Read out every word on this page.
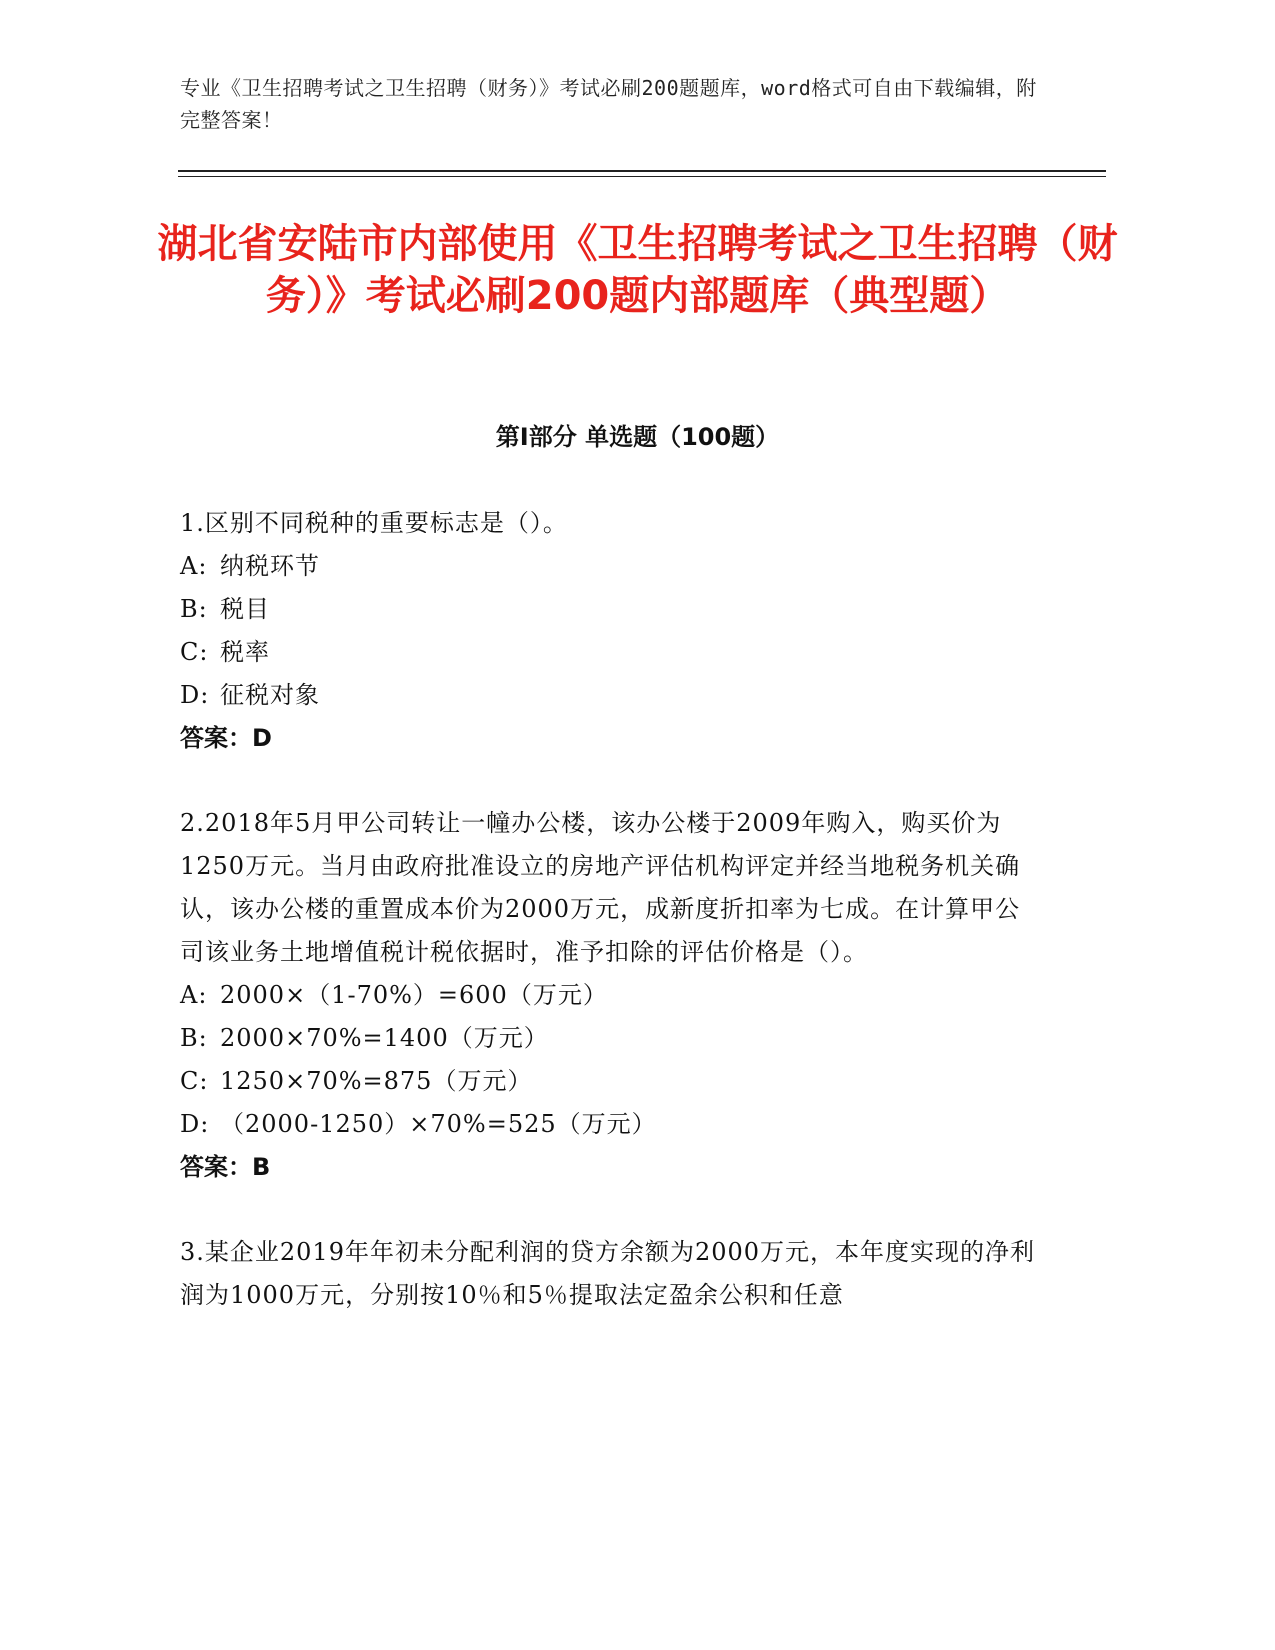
专业《卫生招聘考试之卫生招聘（财务）》考试必刷200题题库，word格式可自由下载编辑，附完整答案！
湖北省安陆市内部使用《卫生招聘考试之卫生招聘（财务）》考试必刷200题内部题库（典型题）
第Ⅰ部分 单选题（100题）
1.区别不同税种的重要标志是（）。
A: 纳税环节
B: 税目
C: 税率
D: 征税对象
答案：D
2.2018年5月甲公司转让一幢办公楼，该办公楼于2009年购入，购买价为1250万元。当月由政府批准设立的房地产评估机构评定并经当地税务机关确认，该办公楼的重置成本价为2000万元，成新度折扣率为七成。在计算甲公司该业务土地增值税计税依据时，准予扣除的评估价格是（）。
A: 2000×（1-70%）=600（万元）
B: 2000×70%=1400（万元）
C: 1250×70%=875（万元）
D: （2000-1250）×70%=525（万元）
答案：B
3.某企业2019年年初未分配利润的贷方余额为2000万元，本年度实现的净利润为1000万元，分别按10％和5％提取法定盈余公积和任意
